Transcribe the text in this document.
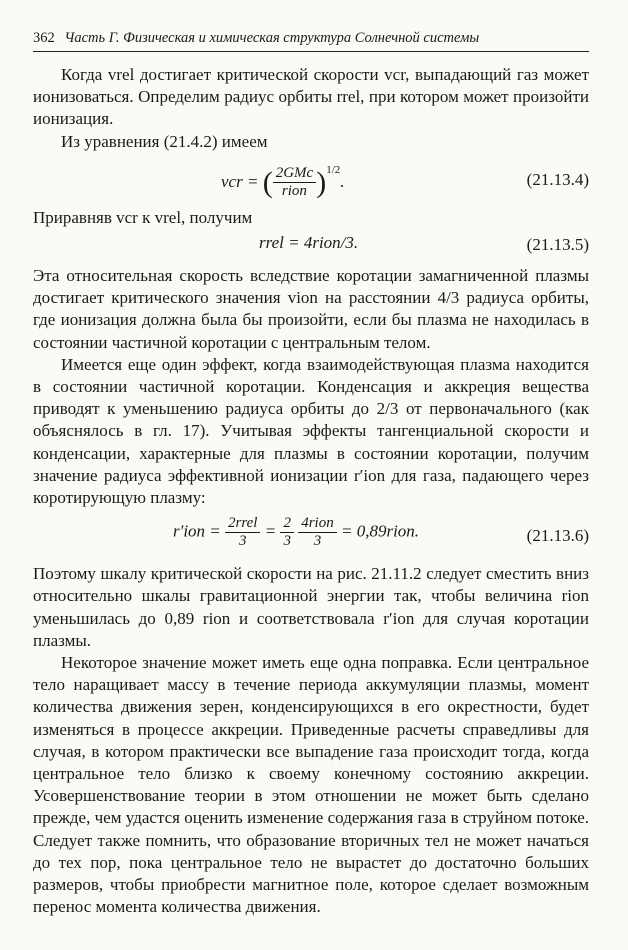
362 Часть Г. Физическая и химическая структура Солнечной системы

Когда vrel достигает критической скорости vcr, выпадающий газ может ионизоваться. Определим радиус орбиты rrel, при котором может произойти ионизация.

Из уравнения (21.4.2) имеем

vcr = ( $\frac{\text{2GMc}}{\text{rion}} )^{1/2}$.	(21.13.4)

Приравняв vcr к vrel, получим

rrel = 4rion/3.	(21.13.5)

Эта относительная скорость вследствие коротации замагниченной плазмы достигает критического значения vion на расстоянии 4/3 радиуса орбиты, где ионизация должна была бы произойти, если бы плазма не находилась в состоянии частичной коротации с центральным телом.

Имеется еще один эффект, когда взаимодействующая плазма находится в состоянии частичной коротации. Конденсация и аккреция вещества приводят к уменьшению радиуса орбиты до 2/3 от первоначального (как объяснялось в гл. 17). Учитывая эффекты тангенциальной скорости и конденсации, характерные для плазмы в состоянии коротации, получим значение радиуса эффективной ионизации r′ion для газа, падающего через коротирующую плазму:

$r'ion = \frac{\text{2rrel}}{3} = \frac{2}{3}$
$\frac{\text{4rion}}{3}$ = 0,89rion.	(21.13.6)

Поэтому шкалу критической скорости на рис. 21.11.2 следует сместить вниз относительно шкалы гравитационной энергии так, чтобы величина rion уменьшилась до 0,89 rion и соответствовала r′ion для случая коротации плазмы.

Некоторое значение может иметь еще одна поправка. Если центральное тело наращивает массу в течение периода аккумуляции плазмы, момент количества движения зерен, конденсирующихся в его окрестности, будет изменяться в процессе аккреции. Приведенные расчеты справедливы для случая, в котором практически все выпадение газа происходит тогда, когда центральное тело близко к своему конечному состоянию аккреции. Усовершенствование теории в этом отношении не может быть сделано прежде, чем удастся оценить изменение содержания газа в струйном потоке. Следует также помнить, что образование вторичных тел не может начаться до тех пор, пока центральное тело не вырастет до достаточно больших размеров, чтобы приобрести магнитное поле, которое сделает возможным перенос момента количества движения.
